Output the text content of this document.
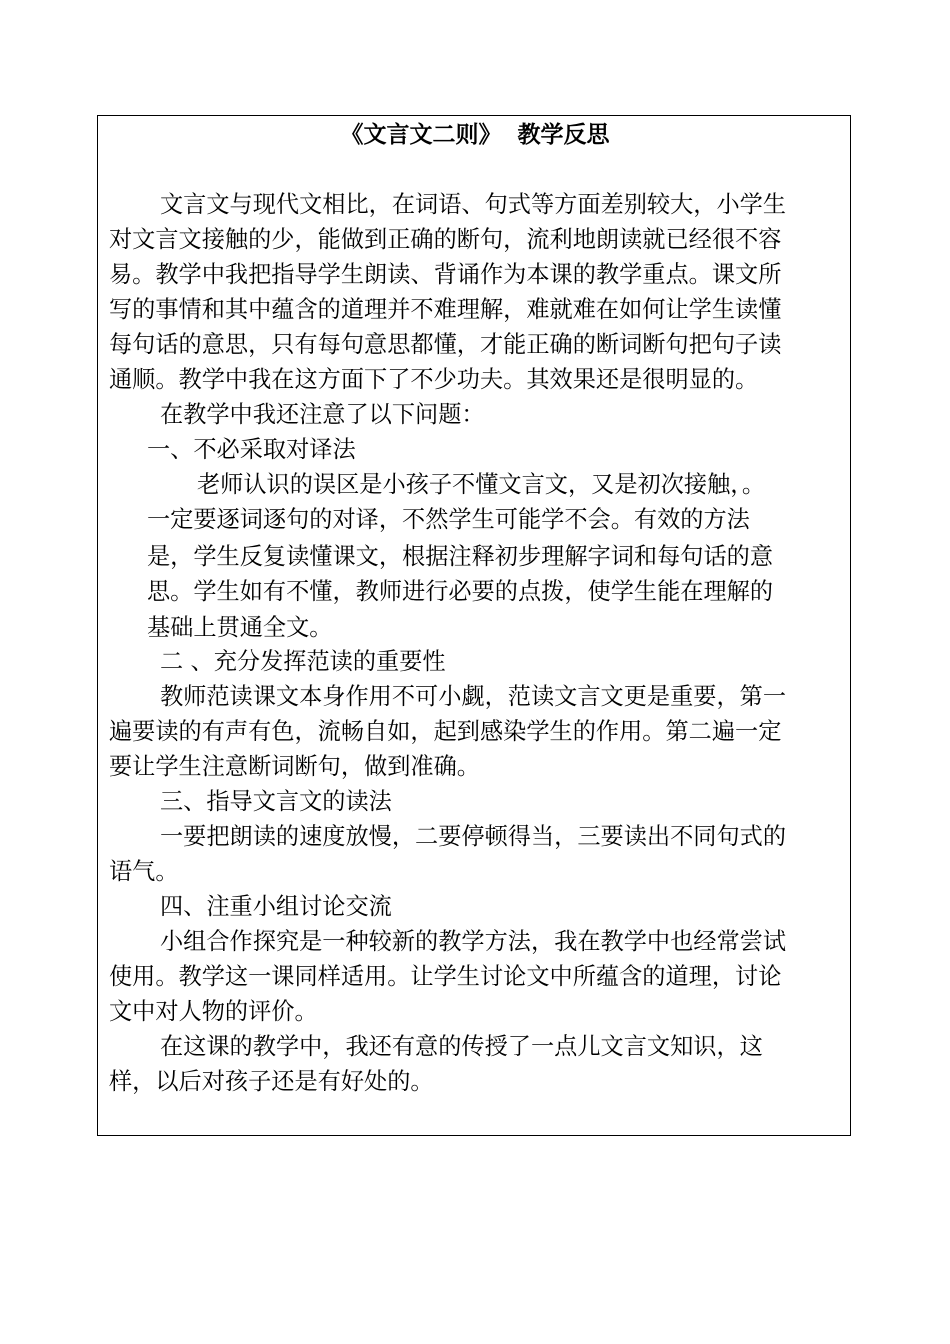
《文言文二则》  教学反思
文言文与现代文相比，在词语、句式等方面差别较大，小学生
对文言文接触的少，能做到正确的断句，流利地朗读就已经很不容
易。教学中我把指导学生朗读、背诵作为本课的教学重点。课文所
写的事情和其中蕴含的道理并不难理解，难就难在如何让学生读懂
每句话的意思，只有每句意思都懂，才能正确的断词断句把句子读
通顺。教学中我在这方面下了不少功夫。其效果还是很明显的。
在教学中我还注意了以下问题：
一、不必采取对译法
老师认识的误区是小孩子不懂文言文，又是初次接触，。
一定要逐词逐句的对译，不然学生可能学不会。有效的方法
是，学生反复读懂课文，根据注释初步理解字词和每句话的意
思。学生如有不懂，教师进行必要的点拨，使学生能在理解的
基础上贯通全文。
二 、充分发挥范读的重要性
教师范读课文本身作用不可小觑，范读文言文更是重要，第一
遍要读的有声有色，流畅自如，起到感染学生的作用。第二遍一定
要让学生注意断词断句，做到准确。
三、指导文言文的读法
一要把朗读的速度放慢，二要停顿得当，三要读出不同句式的
语气。
四、注重小组讨论交流
小组合作探究是一种较新的教学方法，我在教学中也经常尝试
使用。教学这一课同样适用。让学生讨论文中所蕴含的道理，讨论
文中对人物的评价。
在这课的教学中，我还有意的传授了一点儿文言文知识，这
样，以后对孩子还是有好处的。
